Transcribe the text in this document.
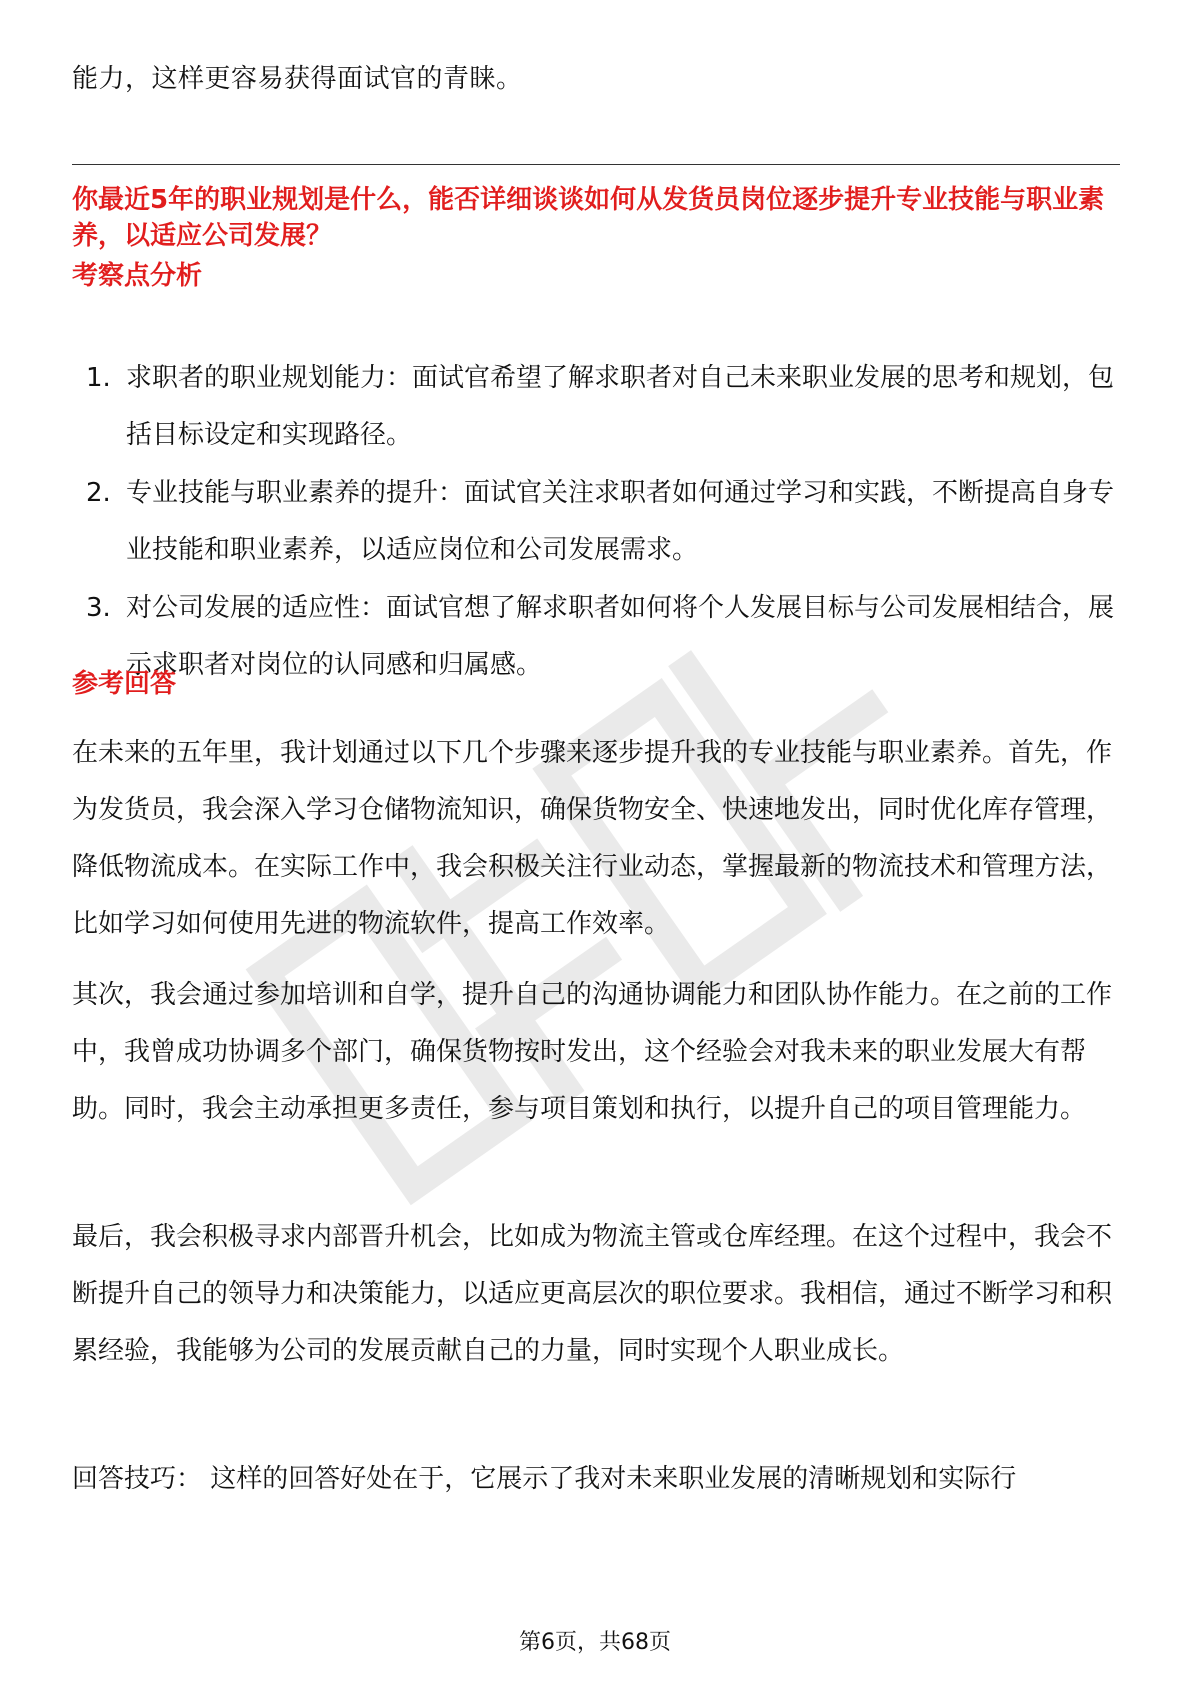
能力，这样更容易获得面试官的青睐。

你最近5年的职业规划是什么，能否详细谈谈如何从发货员岗位逐步提升专业技能与职业素养，以适应公司发展？

考察点分析

1. 求职者的职业规划能力：面试官希望了解求职者对自己未来职业发展的思考和规划，包括目标设定和实现路径。
2. 专业技能与职业素养的提升：面试官关注求职者如何通过学习和实践，不断提高自身专业技能和职业素养，以适应岗位和公司发展需求。
3. 对公司发展的适应性：面试官想了解求职者如何将个人发展目标与公司发展相结合，展示求职者对岗位的认同感和归属感。

参考回答

在未来的五年里，我计划通过以下几个步骤来逐步提升我的专业技能与职业素养。首先，作为发货员，我会深入学习仓储物流知识，确保货物安全、快速地发出，同时优化库存管理，降低物流成本。在实际工作中，我会积极关注行业动态，掌握最新的物流技术和管理方法，比如学习如何使用先进的物流软件，提高工作效率。

其次，我会通过参加培训和自学，提升自己的沟通协调能力和团队协作能力。在之前的工作中，我曾成功协调多个部门，确保货物按时发出，这个经验会对我未来的职业发展大有帮助。同时，我会主动承担更多责任，参与项目策划和执行，以提升自己的项目管理能力。

最后，我会积极寻求内部晋升机会，比如成为物流主管或仓库经理。在这个过程中，我会不断提升自己的领导力和决策能力，以适应更高层次的职位要求。我相信，通过不断学习和积累经验，我能够为公司的发展贡献自己的力量，同时实现个人职业成长。

回答技巧： 这样的回答好处在于，它展示了我对未来职业发展的清晰规划和实际行

第6页，共68页
